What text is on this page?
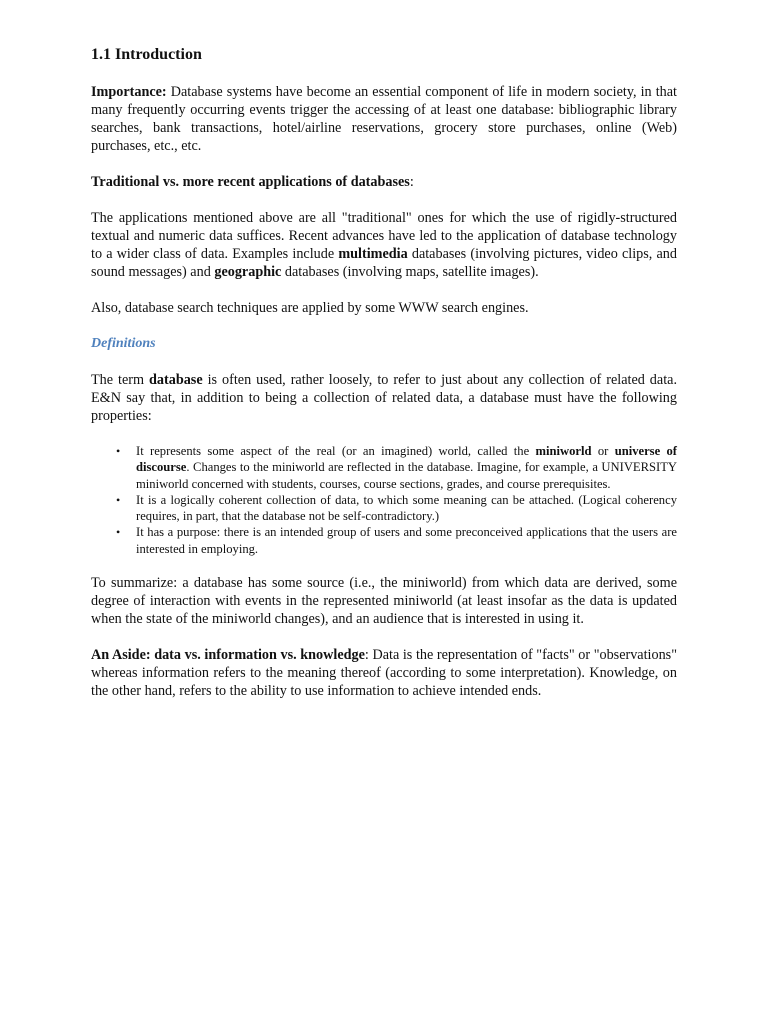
1.1 Introduction

Importance: Database systems have become an essential component of life in modern society, in that many frequently occurring events trigger the accessing of at least one database: bibliographic library searches, bank transactions, hotel/airline reservations, grocery store purchases, online (Web) purchases, etc., etc.

Traditional vs. more recent applications of databases:

The applications mentioned above are all "traditional" ones for which the use of rigidly-structured textual and numeric data suffices. Recent advances have led to the application of database technology to a wider class of data. Examples include multimedia databases (involving pictures, video clips, and sound messages) and geographic databases (involving maps, satellite images).

Also, database search techniques are applied by some WWW search engines.

Definitions

The term database is often used, rather loosely, to refer to just about any collection of related data. E&N say that, in addition to being a collection of related data, a database must have the following properties:

• It represents some aspect of the real (or an imagined) world, called the miniworld or universe of discourse. Changes to the miniworld are reflected in the database. Imagine, for example, a UNIVERSITY miniworld concerned with students, courses, course sections, grades, and course prerequisites.
• It is a logically coherent collection of data, to which some meaning can be attached. (Logical coherency requires, in part, that the database not be self-contradictory.)
• It has a purpose: there is an intended group of users and some preconceived applications that the users are interested in employing.

To summarize: a database has some source (i.e., the miniworld) from which data are derived, some degree of interaction with events in the represented miniworld (at least insofar as the data is updated when the state of the miniworld changes), and an audience that is interested in using it.

An Aside: data vs. information vs. knowledge: Data is the representation of "facts" or "observations" whereas information refers to the meaning thereof (according to some interpretation). Knowledge, on the other hand, refers to the ability to use information to achieve intended ends.
